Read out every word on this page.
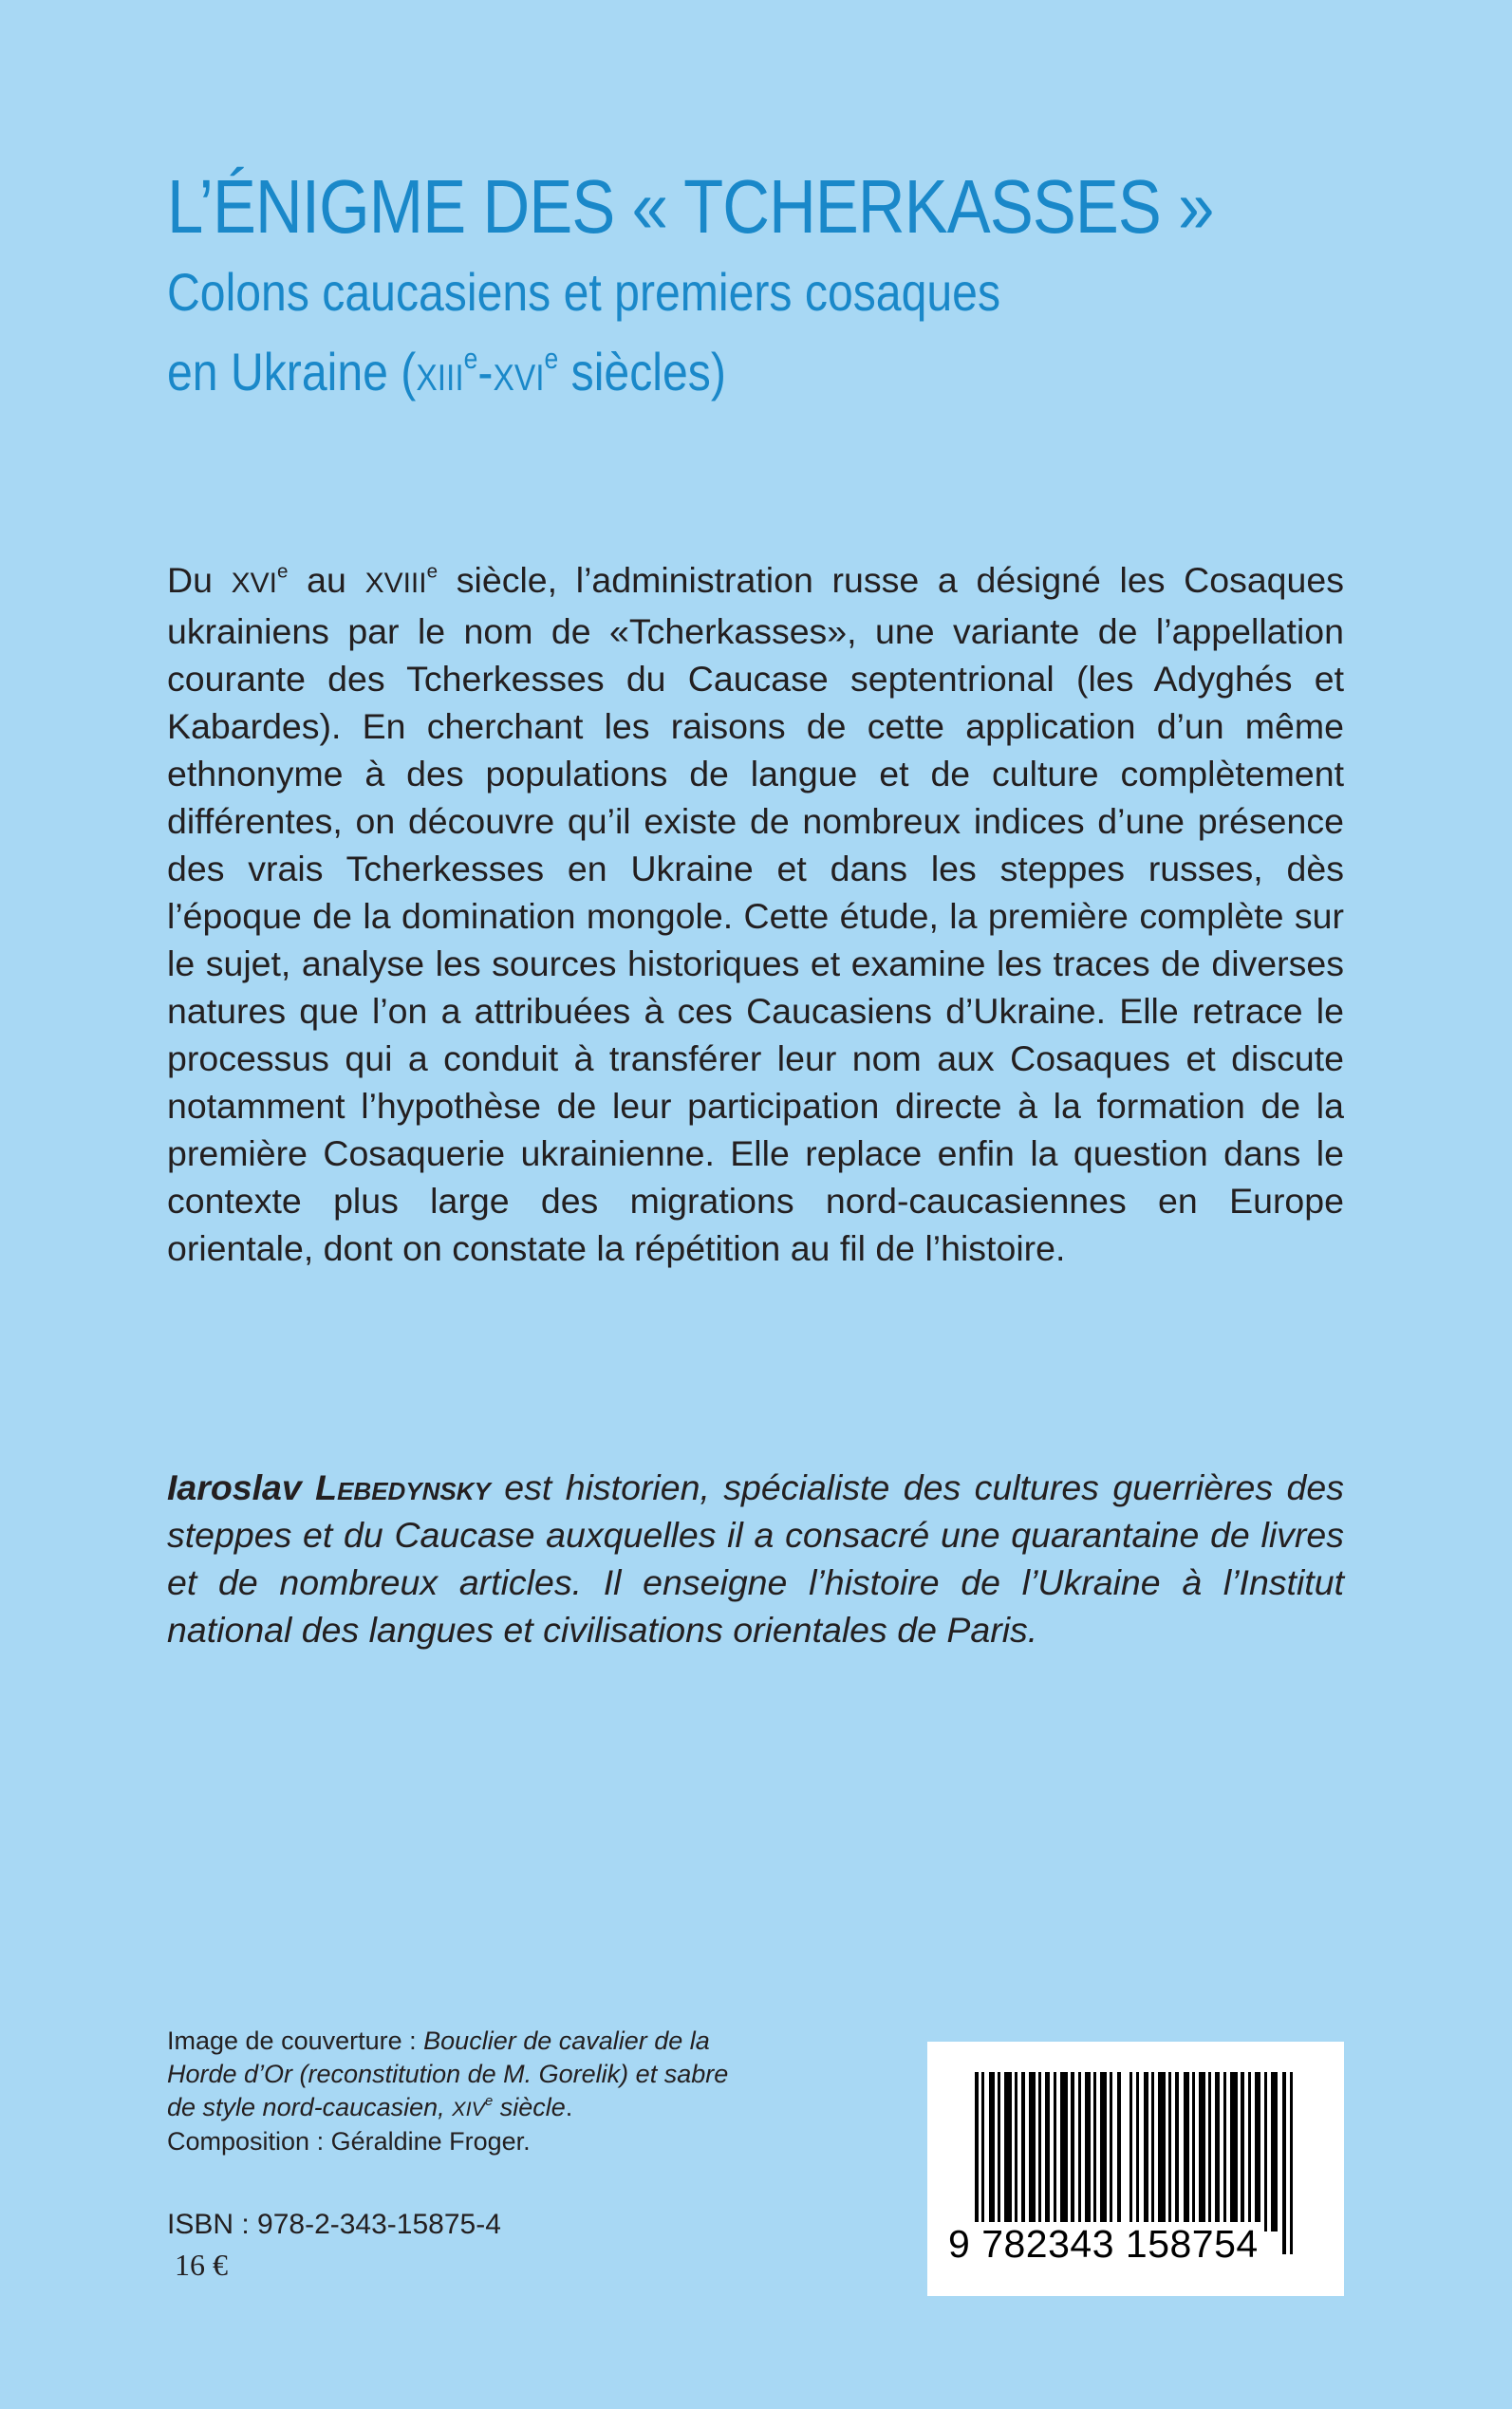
L’ÉNIGME DES « TCHERKASSES »
Colons caucasiens et premiers cosaques
en Ukraine (xiii$^e$-xvi$^e$ siècles)

Du XVIe au XVIIIe siècle, l’administration russe a désigné les Cosaques ukrainiens par le nom de «Tcherkasses», une variante de l’appellation courante des Tcherkesses du Caucase septentrional (les Adyghés et Kabardes). En cherchant les raisons de cette application d’un même ethnonyme à des populations de langue et de culture complètement différentes, on découvre qu’il existe de nombreux indices d’une présence des vrais Tcherkesses en Ukraine et dans les steppes russes, dès l’époque de la domination mongole. Cette étude, la première complète sur le sujet, analyse les sources historiques et examine les traces de diverses natures que l’on a attribuées à ces Caucasiens d’Ukraine. Elle retrace le processus qui a conduit à transférer leur nom aux Cosaques et discute notamment l’hypothèse de leur participation directe à la formation de la première Cosaquerie ukrainienne. Elle replace enfin la question dans le contexte plus large des migrations nord-caucasiennes en Europe orientale, dont on constate la répétition au fil de l’histoire.

Iaroslav Lebedynsky est historien, spécialiste des cultures guerrières des steppes et du Caucase auxquelles il a consacré une quarantaine de livres et de nombreux articles. Il enseigne l’histoire de l’Ukraine à l’Institut national des langues et civilisations orientales de Paris.

Image de couverture : Bouclier de cavalier de la Horde d’Or (reconstitution de M. Gorelik) et sabre de style nord-caucasien, XIVe siècle.
Composition : Géraldine Froger.

ISBN : 978-2-343-15875-4
16 €	9 782343 158754
